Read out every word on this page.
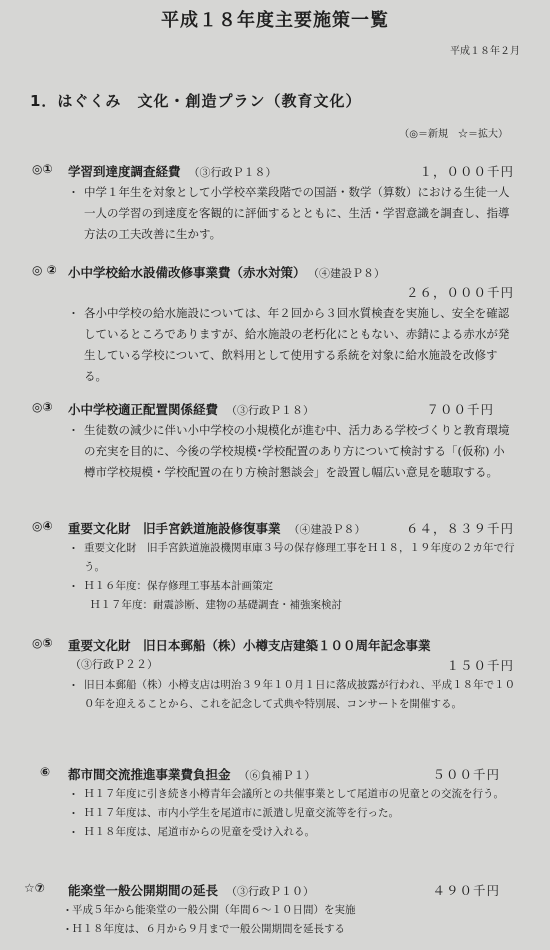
平成１８年度主要施策一覧
平成１８年２月
1．はぐくみ　文化・創造プラン（教育文化）
（◎＝新規　☆＝拡大）
◎① 学習到達度調査経費 （③行政Ｐ１８）	１，０００千円
・ 中学１年生を対象として小学校卒業段階での国語・数学（算数）における生徒一人一人の学習の到達度を客観的に評価するとともに、生活・学習意識を調査し、指導方法の工夫改善に生かす。
◎ ② 小中学校給水設備改修事業費（赤水対策） （④建設Ｐ８）
２６，０００千円
・ 各小中学校の給水施設については、年２回から３回水質検査を実施し、安全を確認しているところでありますが、給水施設の老朽化にともない、赤錆による赤水が発生している学校について、飲料用として使用する系統を対象に給水施設を改修する。
◎③ 小中学校適正配置関係経費 （③行政Ｐ１８）	７００千円
・ 生徒数の減少に伴い小中学校の小規模化が進む中、活力ある学校づくりと教育環境の充実を目的に、今後の学校規模･学校配置のあり方について検討する「(仮称) 小樽市学校規模・学校配置の在り方検討懇談会」を設置し幅広い意見を聴取する。
◎④ 重要文化財　旧手宮鉄道施設修復事業 （④建設Ｐ８）	６４，８３９千円
・ 重要文化財　旧手宮鉄道施設機関車庫３号の保存修理工事をＨ１８，１９年度の２カ年で行う。
・ Ｈ１６年度：保存修理工事基本計画策定
Ｈ１７年度：耐震診断、建物の基礎調査・補強案検討
◎⑤ 重要文化財　旧日本郵船（株）小樽支店建築１００周年記念事業
（③行政Ｐ２２）	１５０千円
・ 旧日本郵船（株）小樽支店は明治３９年１０月１日に落成披露が行われ、平成１８年で１００年を迎えることから、これを記念して式典や特別展、コンサートを開催する。
⑥ 都市間交流推進事業費負担金 （⑥負補Ｐ１）	５００千円
・ Ｈ１７年度に引き続き小樽青年会議所との共催事業として尾道市の児童との交流を行う。
・ Ｈ１７年度は、市内小学生を尾道市に派遣し児童交流等を行った。
・ Ｈ１８年度は、尾道市からの児童を受け入れる。
☆⑦ 能楽堂一般公開期間の延長 （③行政Ｐ１０）	４９０千円
・ 平成５年から能楽堂の一般公開（年間６～１０日間）を実施
・ Ｈ１８年度は、６月から９月まで一般公開期間を延長する
